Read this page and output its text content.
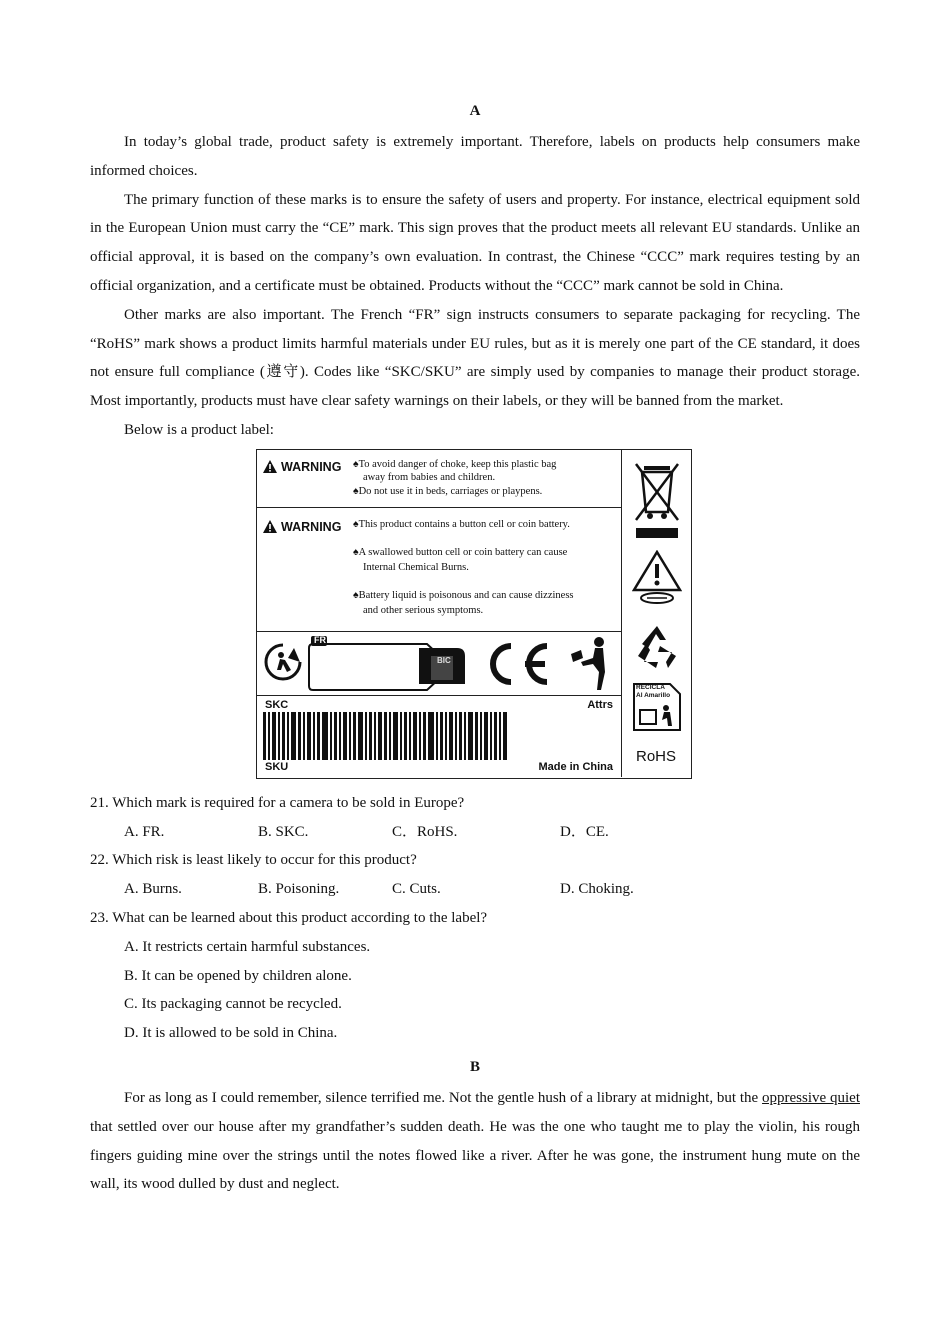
A

In today’s global trade, product safety is extremely important. Therefore, labels on products help consumers make informed choices.

The primary function of these marks is to ensure the safety of users and property. For instance, electrical equipment sold in the European Union must carry the “CE” mark. This sign proves that the product meets all relevant EU standards. Unlike an official approval, it is based on the company’s own evaluation. In contrast, the Chinese “CCC” mark requires testing by an official organization, and a certificate must be obtained. Products without the “CCC” mark cannot be sold in China.

Other marks are also important. The French “FR” sign instructs consumers to separate packaging for recycling. The “RoHS” mark shows a product limits harmful materials under EU rules, but as it is merely one part of the CE standard, it does not ensure full compliance (遵守). Codes like “SKC/SKU” are simply used by companies to manage their product storage. Most importantly, products must have clear safety warnings on their labels, or they will be banned from the market.

Below is a product label:

WARNING ♠To avoid danger of choke, keep this plastic bag
away from babies and children.
♠Do not use it in beds, carriages or playpens.
WARNING ♠This product contains a button cell or coin battery.
♠A swallowed button cell or coin battery can cause
Internal Chemical Burns.
♠Battery liquid is poisonous and can cause dizziness
and other serious symptoms.
FR
BIC
SKC	Attrs
SKU	Made in China
RECICLA
Al Amarillo
RoHS

21. Which mark is required for a camera to be sold in Europe?

A. FR.	B. SKC.	C．RoHS.	D．CE.

22. Which risk is least likely to occur for this product?

A. Burns.	B. Poisoning.	C. Cuts.	D. Choking.

23. What can be learned about this product according to the label?

A. It restricts certain harmful substances.
B. It can be opened by children alone.
C. Its packaging cannot be recycled.
D. It is allowed to be sold in China.
B

For as long as I could remember, silence terrified me. Not the gentle hush of a library at midnight, but the oppressive quiet that settled over our house after my grandfather’s sudden death. He was the one who taught me to play the violin, his rough fingers guiding mine over the strings until the notes flowed like a river. After he was gone, the instrument hung mute on the wall, its wood dulled by dust and neglect.
